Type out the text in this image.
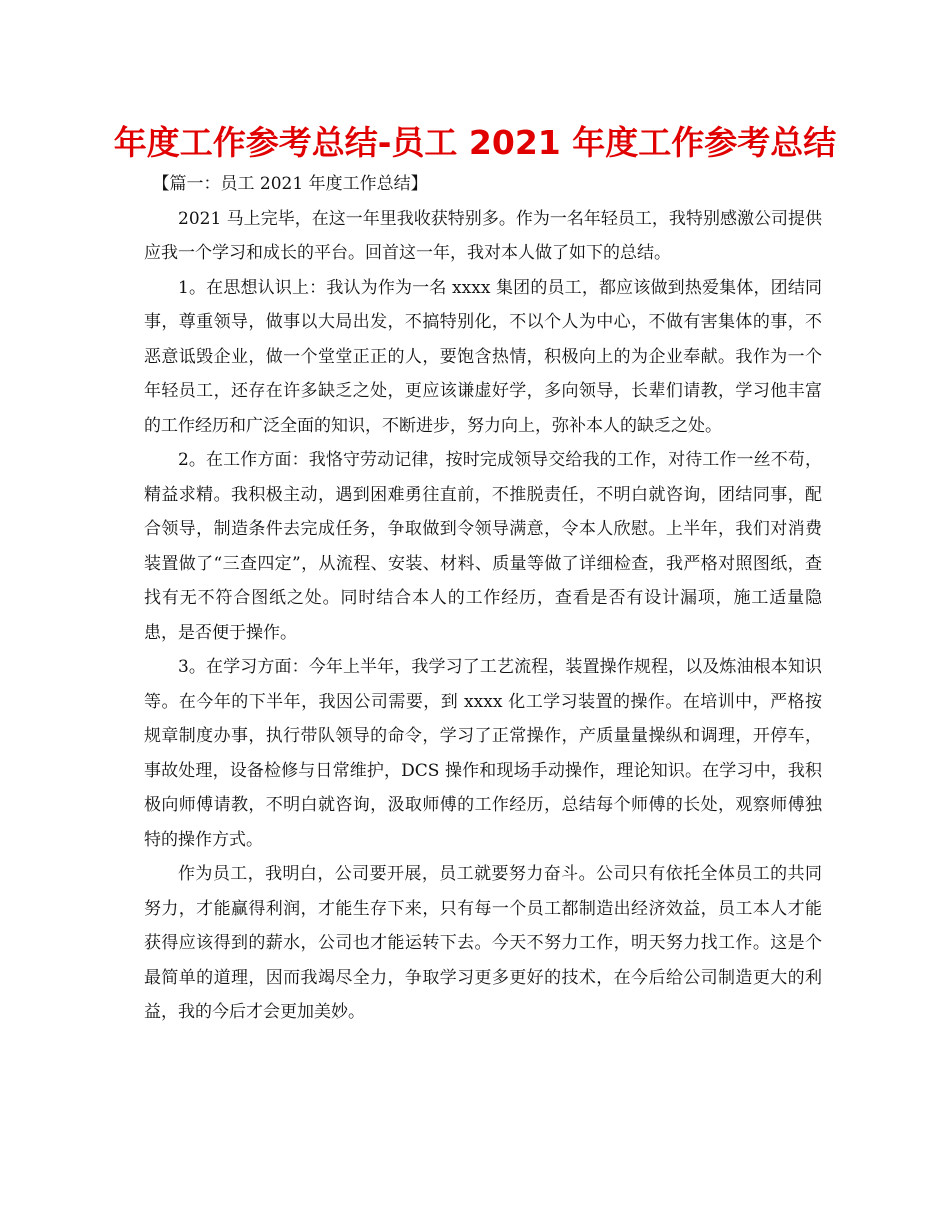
年度工作参考总结-员工 2021 年度工作参考总结

【篇一：员工 2021 年度工作总结】

2021 马上完毕，在这一年里我收获特别多。作为一名年轻员工，我特别感激公司提供应我一个学习和成长的平台。回首这一年，我对本人做了如下的总结。

1。在思想认识上：我认为作为一名 xxxx 集团的员工，都应该做到热爱集体，团结同事，尊重领导，做事以大局出发，不搞特别化，不以个人为中心，不做有害集体的事，不恶意诋毁企业，做一个堂堂正正的人，要饱含热情，积极向上的为企业奉献。我作为一个年轻员工，还存在许多缺乏之处，更应该谦虚好学，多向领导，长辈们请教，学习他丰富的工作经历和广泛全面的知识，不断进步，努力向上，弥补本人的缺乏之处。

2。在工作方面：我恪守劳动记律，按时完成领导交给我的工作，对待工作一丝不苟，精益求精。我积极主动，遇到困难勇往直前，不推脱责任，不明白就咨询，团结同事，配合领导，制造条件去完成任务，争取做到令领导满意，令本人欣慰。上半年，我们对消费装置做了“三查四定”，从流程、安装、材料、质量等做了详细检查，我严格对照图纸，查找有无不符合图纸之处。同时结合本人的工作经历，查看是否有设计漏项，施工适量隐患，是否便于操作。

3。在学习方面：今年上半年，我学习了工艺流程，装置操作规程，以及炼油根本知识等。在今年的下半年，我因公司需要，到 xxxx 化工学习装置的操作。在培训中，严格按规章制度办事，执行带队领导的命令，学习了正常操作，产质量量操纵和调理，开停车，事故处理，设备检修与日常维护，DCS 操作和现场手动操作，理论知识。在学习中，我积极向师傅请教，不明白就咨询，汲取师傅的工作经历，总结每个师傅的长处，观察师傅独特的操作方式。

作为员工，我明白，公司要开展，员工就要努力奋斗。公司只有依托全体员工的共同努力，才能赢得利润，才能生存下来，只有每一个员工都制造出经济效益，员工本人才能获得应该得到的薪水，公司也才能运转下去。今天不努力工作，明天努力找工作。这是个最简单的道理，因而我竭尽全力，争取学习更多更好的技术，在今后给公司制造更大的利益，我的今后才会更加美妙。
